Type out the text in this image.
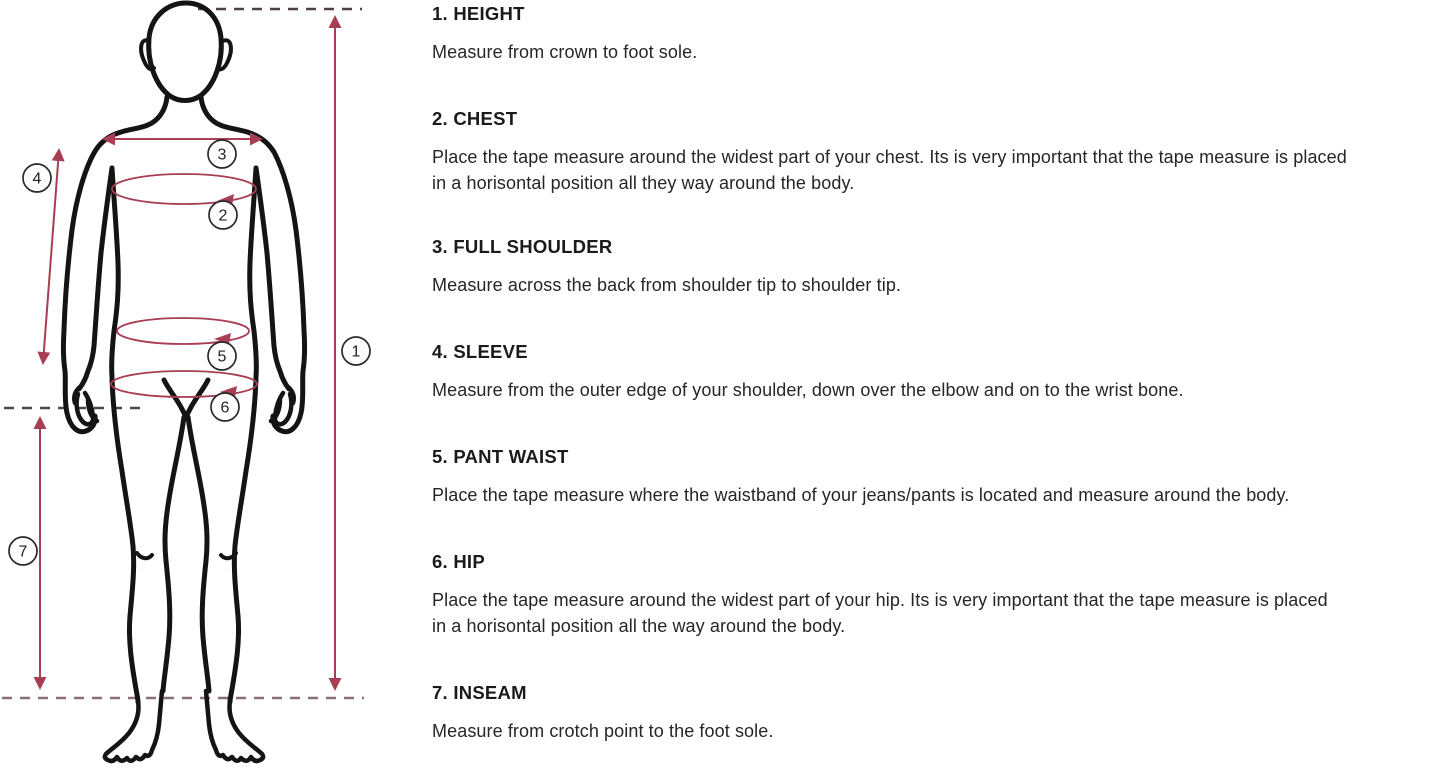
1
2
3
4
5
6
7
1. HEIGHT

Measure from crown to foot sole.

2. CHEST

Place the tape measure around the widest part of your chest. Its is very important that the tape measure is placed
in a horisontal position all they way around the body.

3. FULL SHOULDER

Measure across the back from shoulder tip to shoulder tip.

4. SLEEVE

Measure from the outer edge of your shoulder, down over the elbow and on to the wrist bone.

5. PANT WAIST

Place the tape measure where the waistband of your jeans/pants is located and measure around the body.

6. HIP

Place the tape measure around the widest part of your hip. Its is very important that the tape measure is placed
in a horisontal position all the way around the body.

7. INSEAM

Measure from crotch point to the foot sole.
